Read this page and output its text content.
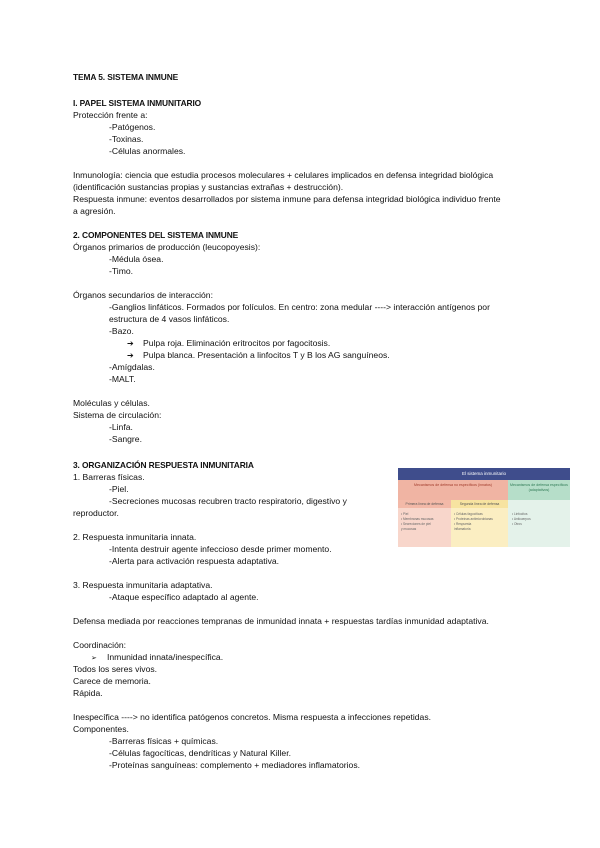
TEMA 5. SISTEMA INMUNE
I. PAPEL SISTEMA INMUNITARIO
Protección frente a:
-Patógenos.
-Toxinas.
-Células anormales.
Inmunología: ciencia que estudia procesos moleculares + celulares implicados en defensa integridad biológica
(identificación sustancias propias y sustancias extrañas + destrucción).
Respuesta inmune: eventos desarrollados por sistema inmune para defensa integridad biológica individuo frente
a agresión.
2. COMPONENTES DEL SISTEMA INMUNE
Órganos primarios de producción (leucopoyesis):
-Médula ósea.
-Timo.
Órganos secundarios de interacción:
-Ganglios linfáticos. Formados por folículos. En centro: zona medular ----> interacción antígenos por
estructura de 4 vasos linfáticos.
-Bazo.
➔ Pulpa roja. Eliminación eritrocitos por fagocitosis.
➔ Pulpa blanca. Presentación a linfocitos T y B los AG sanguíneos.
-Amígdalas.
-MALT.
Moléculas y células.
Sistema de circulación:
-Linfa.
-Sangre.
3. ORGANIZACIÓN RESPUESTA INMUNITARIA
1. Barreras físicas.
-Piel.
-Secreciones mucosas recubren tracto respiratorio, digestivo y
reproductor.
2. Respuesta inmunitaria innata.
-Intenta destruir agente infeccioso desde primer momento.
-Alerta para activación respuesta adaptativa.
3. Respuesta inmunitaria adaptativa.
-Ataque específico adaptado al agente.
Defensa mediada por reacciones tempranas de inmunidad innata + respuestas tardías inmunidad adaptativa.
Coordinación:
➢ Inmunidad innata/inespecífica.
Todos los seres vivos.
Carece de memoria.
Rápida.
Inespecífica ----> no identifica patógenos concretos. Misma respuesta a infecciones repetidas.
Componentes.
-Barreras físicas + químicas.
-Células fagocíticas, dendríticas y Natural Killer.
-Proteínas sanguíneas: complemento + mediadores inflamatorios.
El sistema inmunitario
Mecanismos de defensa no específicos (innatos)	Mecanismos de defensa específicos (adaptativos)
Primera línea de defensa	Segunda línea de defensa
• Piel
• Membranas mucosas
• Secreciones de piel
y mucosas
• Células fagocíticas
• Proteínas antimicrobianas
• Respuesta
inflamatoria
• Linfocitos
• Anticuerpos
• Otros
